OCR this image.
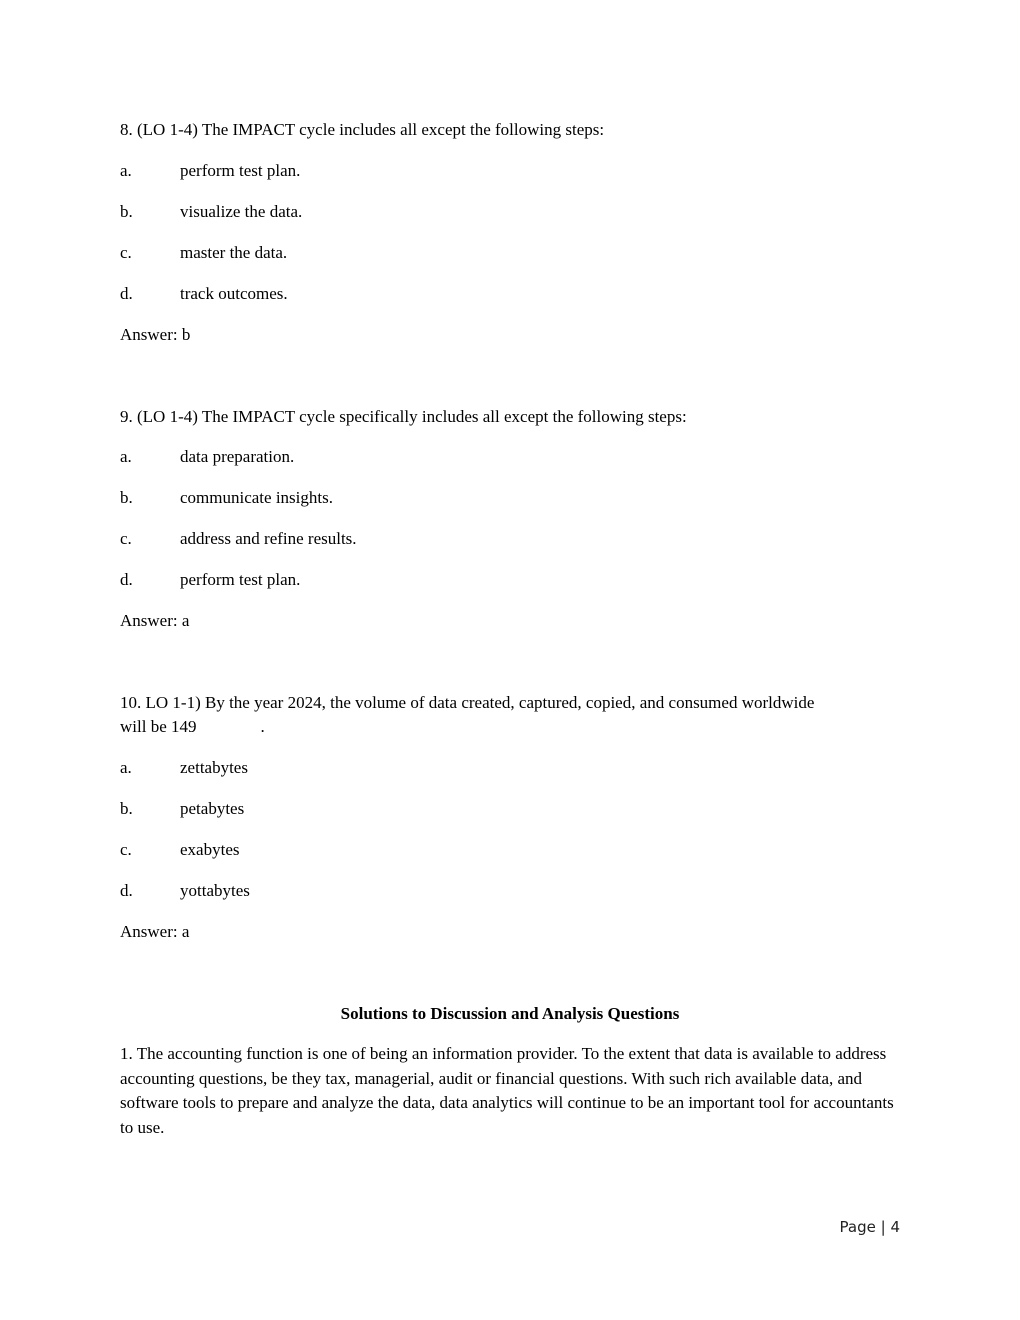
8. (LO 1-4) The IMPACT cycle includes all except the following steps:
a.	perform test plan.
b.	visualize the data.
c.	master the data.
d.	track outcomes.
Answer: b
9. (LO 1-4) The IMPACT cycle specifically includes all except the following steps:
a.	data preparation.
b.	communicate insights.
c.	address and refine results.
d.	perform test plan.
Answer: a
10. LO 1-1) By the year 2024, the volume of data created, captured, copied, and consumed worldwide
will be 149	.
a.	zettabytes
b.	petabytes
c.	exabytes
d.	yottabytes
Answer: a
Solutions to Discussion and Analysis Questions
1. The accounting function is one of being an information provider. To the extent that data is available to address accounting questions, be they tax, managerial, audit or financial questions. With such rich available data, and software tools to prepare and analyze the data, data analytics will continue to be an important tool for accountants to use.
Page | 4
